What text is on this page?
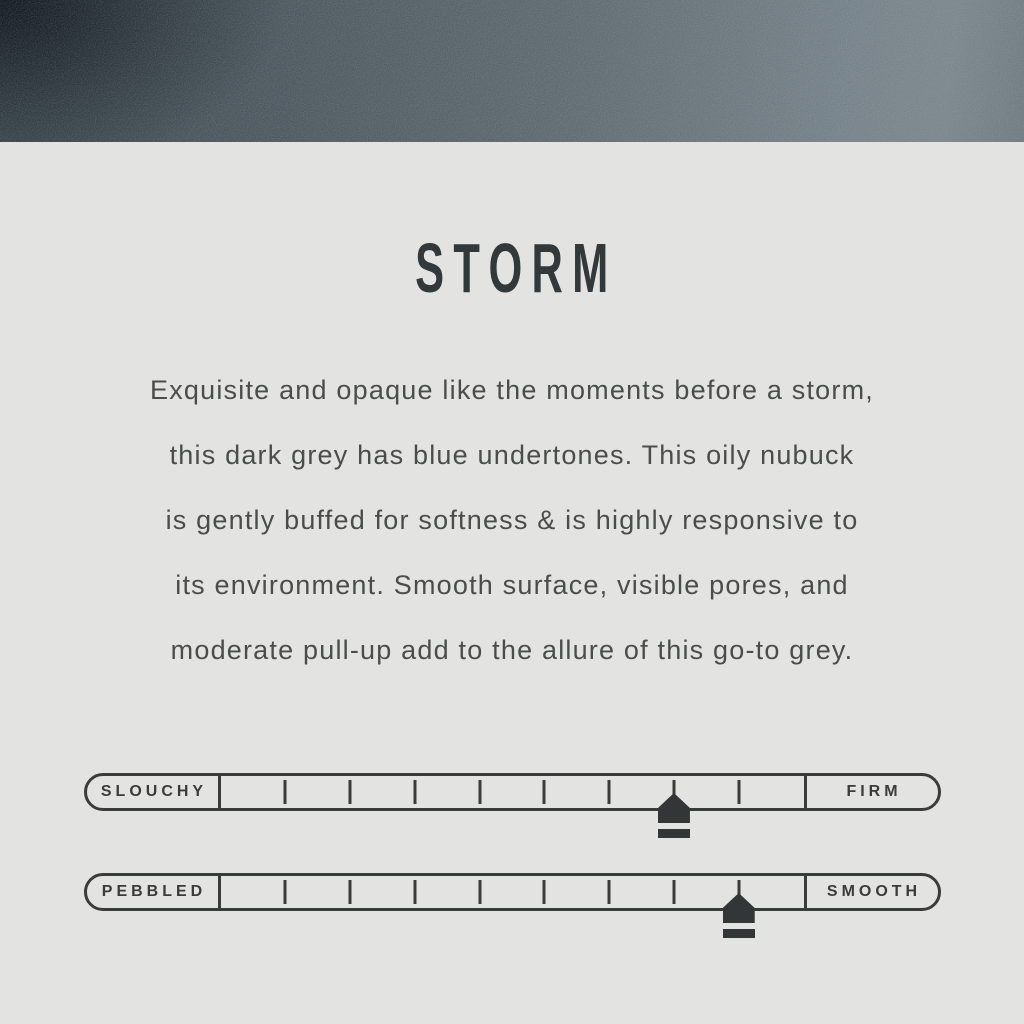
STORM
Exquisite and opaque like the moments before a storm,
this dark grey has blue undertones. This oily nubuck
is gently buffed for softness & is highly responsive to
its environment. Smooth surface, visible pores, and
moderate pull-up add to the allure of this go-to grey.
SLOUCHY	FIRM
PEBBLED	SMOOTH
